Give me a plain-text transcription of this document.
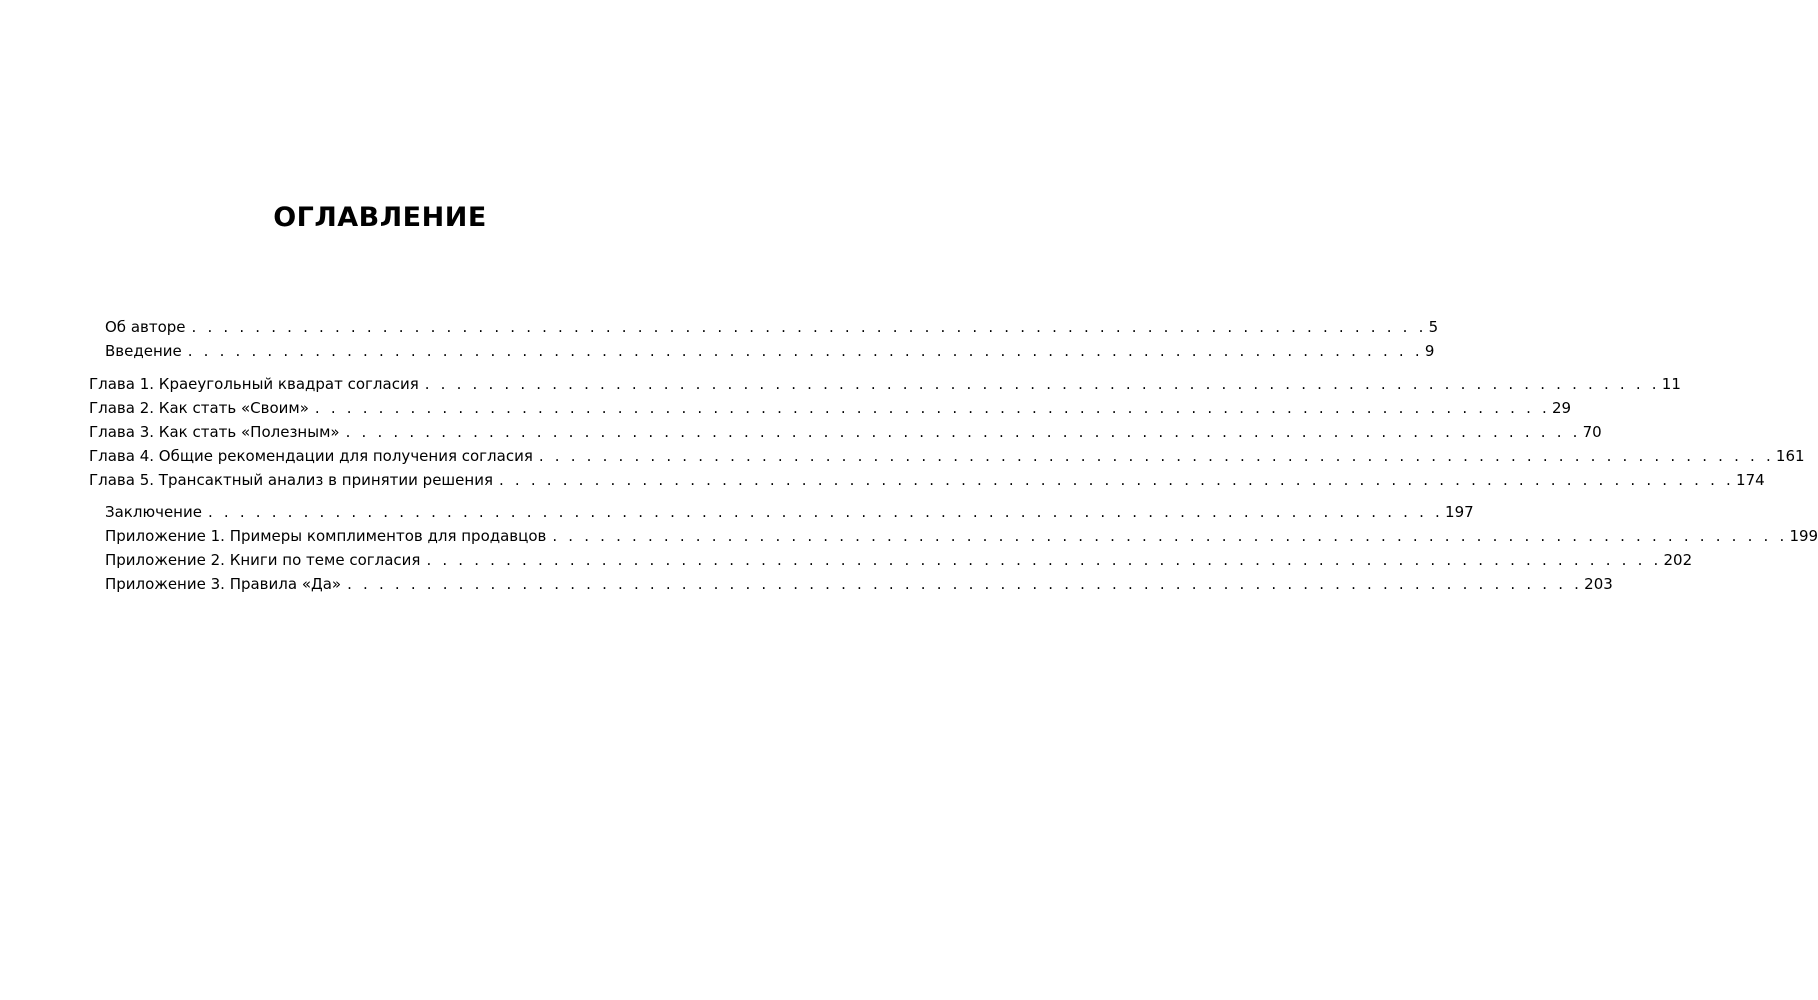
ОГЛАВЛЕНИЕ
Об авторе . . . . . . . . . . . . . . . . . . . . . . . . . . . . . . . . . . . . . . . . . . . . . . . . . . . . . . . . . . . . . . . . . . . . . . . . . . . . . . 5
Введение . . . . . . . . . . . . . . . . . . . . . . . . . . . . . . . . . . . . . . . . . . . . . . . . . . . . . . . . . . . . . . . . . . . . . . . . . . . . . . 9
Глава 1. Краеугольный квадрат согласия . . . . . . . . . . . . . . . . . . . . . . . . . . . . . . . . . . . . . . . . . . . . . . . . . . . . . . . . . . . . . . . . . . . . . . . . . . . . . . 11
Глава 2. Как стать «Своим» . . . . . . . . . . . . . . . . . . . . . . . . . . . . . . . . . . . . . . . . . . . . . . . . . . . . . . . . . . . . . . . . . . . . . . . . . . . . . . 29
Глава 3. Как стать «Полезным» . . . . . . . . . . . . . . . . . . . . . . . . . . . . . . . . . . . . . . . . . . . . . . . . . . . . . . . . . . . . . . . . . . . . . . . . . . . . . . 70
Глава 4. Общие рекомендации для получения согласия . . . . . . . . . . . . . . . . . . . . . . . . . . . . . . . . . . . . . . . . . . . . . . . . . . . . . . . . . . . . . . . . . . . . . . . . . . . . . . 161
Глава 5. Трансактный анализ в принятии решения . . . . . . . . . . . . . . . . . . . . . . . . . . . . . . . . . . . . . . . . . . . . . . . . . . . . . . . . . . . . . . . . . . . . . . . . . . . . . . 174
Заключение . . . . . . . . . . . . . . . . . . . . . . . . . . . . . . . . . . . . . . . . . . . . . . . . . . . . . . . . . . . . . . . . . . . . . . . . . . . . . . 197
Приложение 1. Примеры комплиментов для продавцов . . . . . . . . . . . . . . . . . . . . . . . . . . . . . . . . . . . . . . . . . . . . . . . . . . . . . . . . . . . . . . . . . . . . . . . . . . . . . . 199
Приложение 2. Книги по теме согласия . . . . . . . . . . . . . . . . . . . . . . . . . . . . . . . . . . . . . . . . . . . . . . . . . . . . . . . . . . . . . . . . . . . . . . . . . . . . . . 202
Приложение 3. Правила «Да» . . . . . . . . . . . . . . . . . . . . . . . . . . . . . . . . . . . . . . . . . . . . . . . . . . . . . . . . . . . . . . . . . . . . . . . . . . . . . . 203
